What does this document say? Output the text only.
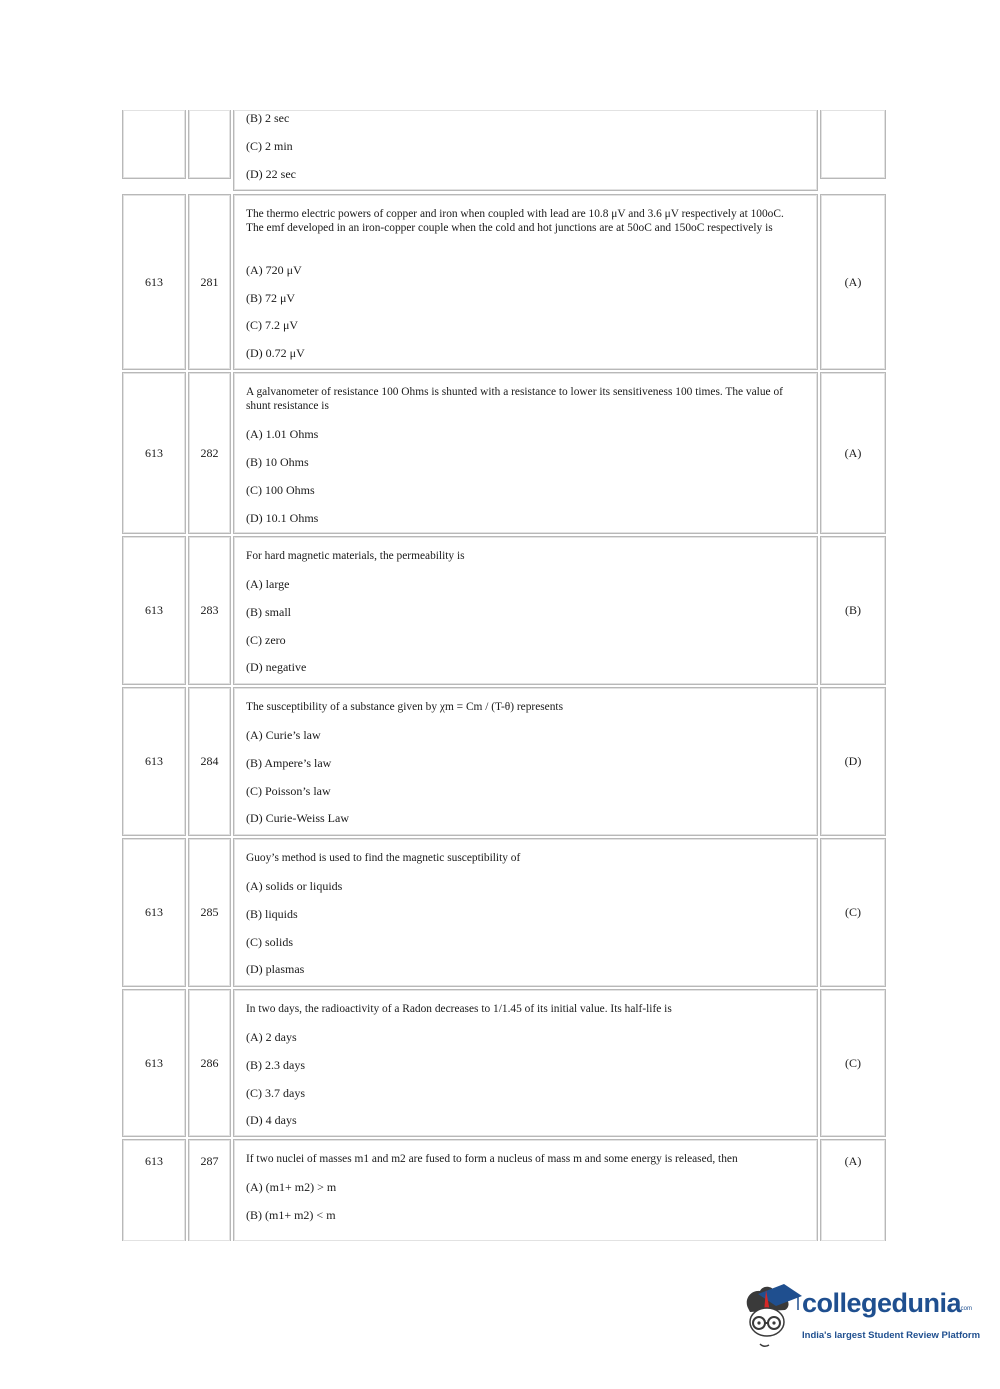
(B) 2 sec
(C) 2 min
(D) 22 sec
613	281
The thermo electric powers of copper and iron when coupled with lead are 10.8 μV and 3.6 μV respectively at 100oC. The emf developed in an iron-copper couple when the cold and hot junctions are at 50oC and 150oC respectively is
(A) 720 μV
(B) 72 μV
(C) 7.2 μV
(D) 0.72 μV
(A)
613	282
A galvanometer of resistance 100 Ohms is shunted with a resistance to lower its sensitiveness 100 times. The value of shunt resistance is
(A) 1.01 Ohms
(B) 10 Ohms
(C) 100 Ohms
(D) 10.1 Ohms
(A)
613	283
For hard magnetic materials, the permeability is
(A) large
(B) small
(C) zero
(D) negative
(B)
613	284
The susceptibility of a substance given by χm = Cm / (T-θ) represents
(A) Curie’s law
(B) Ampere’s law
(C) Poisson’s law
(D) Curie-Weiss Law
(D)
613	285
Guoy’s method is used to find the magnetic susceptibility of
(A) solids or liquids
(B) liquids
(C) solids
(D) plasmas
(C)
613	286
In two days, the radioactivity of a Radon decreases to 1/1.45 of its initial value. Its half-life is
(A) 2 days
(B) 2.3 days
(C) 3.7 days
(D) 4 days
(C)
613	287	If two nuclei of masses m1 and m2 are fused to form a nucleus of mass m and some energy is released, then
(A) (m1+ m2) > m
(B) (m1+ m2) < m
(A)
collegedunia
.com
India's largest Student Review Platform
